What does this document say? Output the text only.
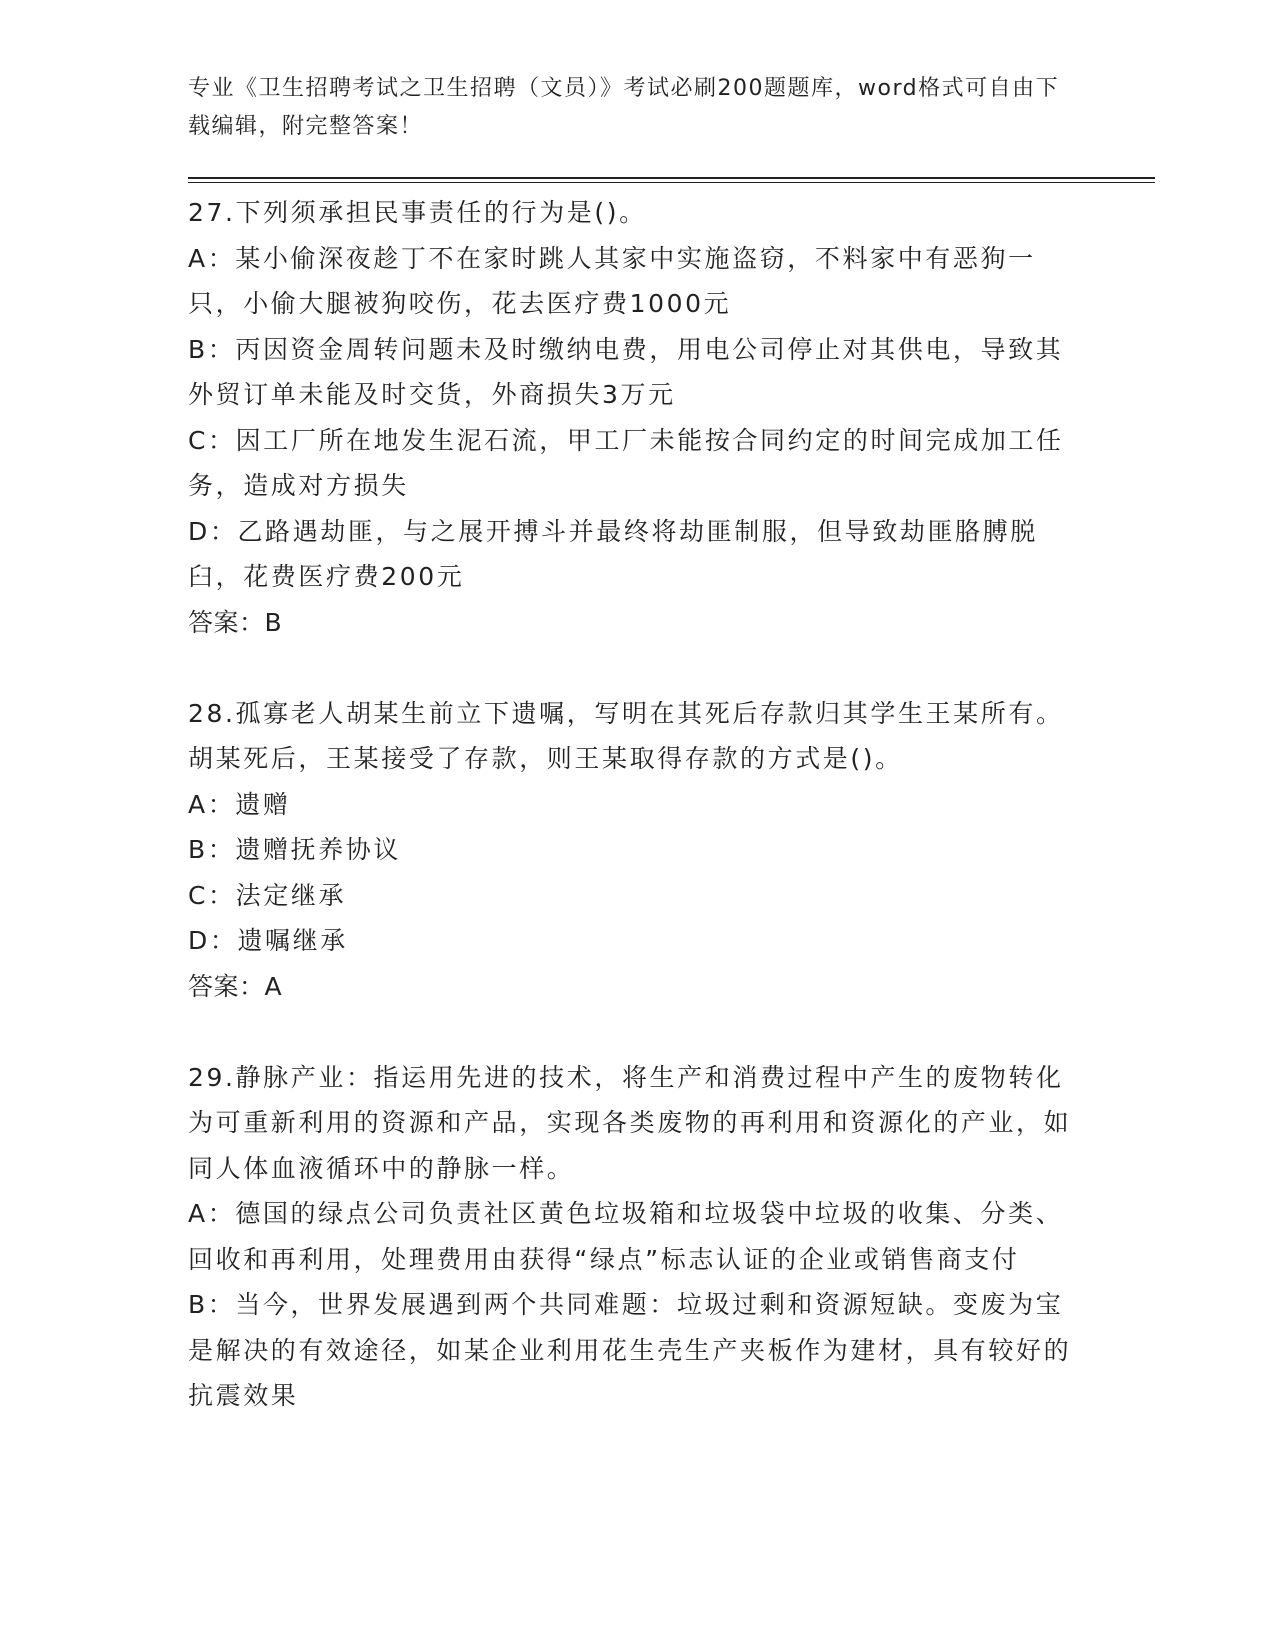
专业《卫生招聘考试之卫生招聘（文员）》考试必刷200题题库，word格式可自由下载编辑，附完整答案！

27.下列须承担民事责任的行为是()。

A：某小偷深夜趁丁不在家时跳人其家中实施盗窃，不料家中有恶狗一只，小偷大腿被狗咬伤，花去医疗费1000元

B：丙因资金周转问题未及时缴纳电费，用电公司停止对其供电，导致其外贸订单未能及时交货，外商损失3万元

C：因工厂所在地发生泥石流，甲工厂未能按合同约定的时间完成加工任务，造成对方损失

D：乙路遇劫匪，与之展开搏斗并最终将劫匪制服，但导致劫匪胳膊脱臼，花费医疗费200元

答案：B

28.孤寡老人胡某生前立下遗嘱，写明在其死后存款归其学生王某所有。胡某死后，王某接受了存款，则王某取得存款的方式是()。

A：遗赠

B：遗赠抚养协议

C：法定继承

D：遗嘱继承

答案：A

29.静脉产业：指运用先进的技术，将生产和消费过程中产生的废物转化为可重新利用的资源和产品，实现各类废物的再利用和资源化的产业，如同人体血液循环中的静脉一样。

A：德国的绿点公司负责社区黄色垃圾箱和垃圾袋中垃圾的收集、分类、回收和再利用，处理费用由获得“绿点”标志认证的企业或销售商支付

B：当今，世界发展遇到两个共同难题：垃圾过剩和资源短缺。变废为宝是解决的有效途径，如某企业利用花生壳生产夹板作为建材，具有较好的抗震效果
